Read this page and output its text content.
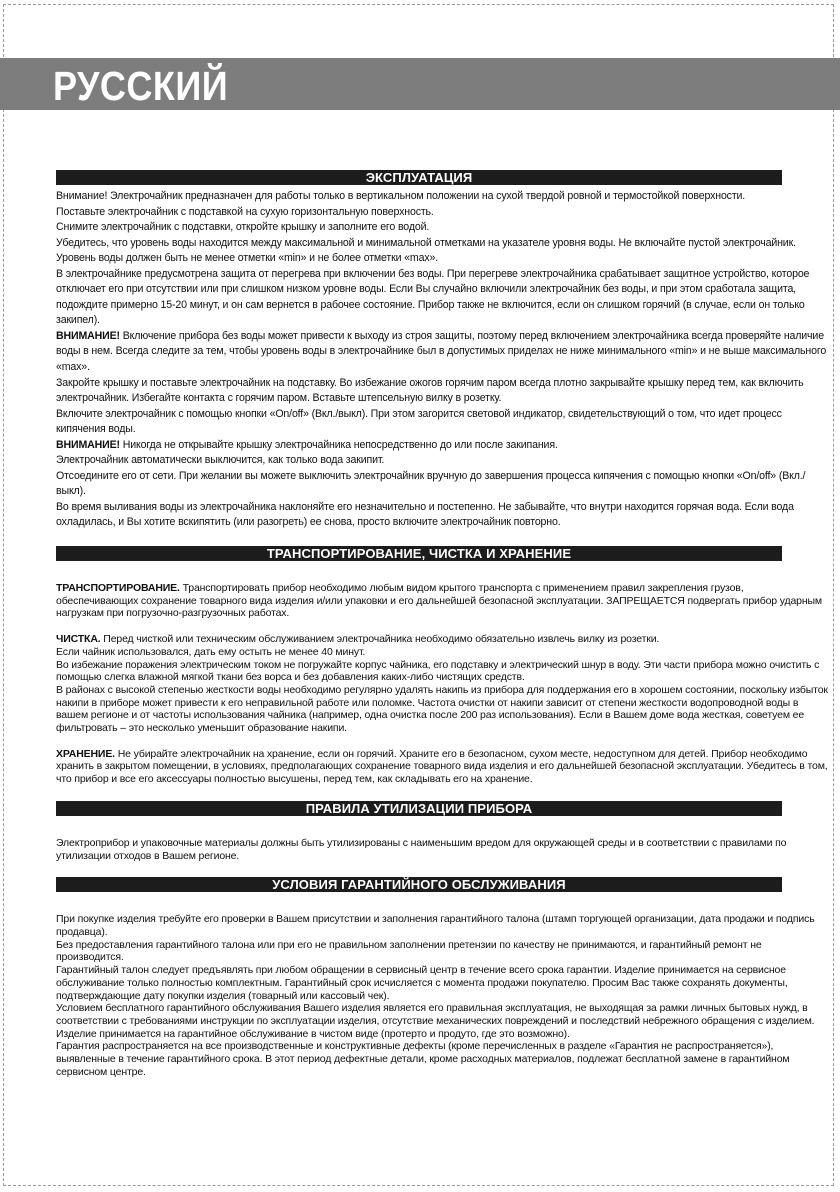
РУССКИЙ
ЭКСПЛУАТАЦИЯ

Внимание! Электрочайник предназначен для работы только в вертикальном положении на сухой твердой ровной и термостойкой поверхности.

Поставьте электрочайник с подставкой на сухую горизонтальную поверхность.

Снимите электрочайник с подставки, откройте крышку и заполните его водой.

Убедитесь, что уровень воды находится между максимальной и минимальной отметками на указателе уровня воды. Не включайте пустой электрочайник. Уровень воды должен быть не менее отметки «min» и не более отметки «max».

В электрочайнике предусмотрена защита от перегрева при включении без воды. При перегреве электрочайника срабатывает защитное устройство, которое отключает его при отсутствии или при слишком низком уровне воды. Если Вы случайно включили электрочайник без воды, и при этом сработала защита, подождите примерно 15-20 минут, и он сам вернется в рабочее состояние. Прибор также не включится, если он слишком горячий (в случае, если он только закипел).

ВНИМАНИЕ! Включение прибора без воды может привести к выходу из строя защиты, поэтому перед включением электрочайника всегда проверяйте наличие воды в нем. Всегда следите за тем, чтобы уровень воды в электрочайнике был в допустимых приделах не ниже минимального «min» и не выше максимального «max».

Закройте крышку и поставьте электрочайник на подставку. Во избежание ожогов горячим паром всегда плотно закрывайте крышку перед тем, как включить электрочайник. Избегайте контакта с горячим паром. Вставьте штепсельную вилку в розетку.

Включите электрочайник с помощью кнопки «On/off» (Вкл./выкл). При этом загорится световой индикатор, свидетельствующий о том, что идет процесс кипячения воды.

ВНИМАНИЕ! Никогда не открывайте крышку электрочайника непосредственно до или после закипания.

Электрочайник автоматически выключится, как только вода закипит.

Отсоедините его от сети. При желании вы можете выключить электрочайник вручную до завершения процесса кипячения с помощью кнопки «On/off» (Вкл./выкл).

Во время выливания воды из электрочайника наклоняйте его незначительно и постепенно. Не забывайте, что внутри находится горячая вода. Если вода охладилась, и Вы хотите вскипятить (или разогреть) ее снова, просто включите электрочайник повторно.

ТРАНСПОРТИРОВАНИЕ, ЧИСТКА И ХРАНЕНИЕ

ТРАНСПОРТИРОВАНИЕ. Транспортировать прибор необходимо любым видом крытого транспорта с применением правил закрепления грузов, обеспечивающих сохранение товарного вида изделия и/или упаковки и его дальнейшей безопасной эксплуатации. ЗАПРЕЩАЕТСЯ подвергать прибор ударным нагрузкам при погрузочно-разгрузочных работах.

ЧИСТКА. Перед чисткой или техническим обслуживанием электрочайника необходимо обязательно извлечь вилку из розетки.

Если чайник использовался, дать ему остыть не менее 40 минут.

Во избежание поражения электрическим током не погружайте корпус чайника, его подставку и электрический шнур в воду. Эти части прибора можно очистить с помощью слегка влажной мягкой ткани без ворса и без добавления каких-либо чистящих средств.

В районах с высокой степенью жесткости воды необходимо регулярно удалять накипь из прибора для поддержания его в хорошем состоянии, поскольку избыток накипи в приборе может привести к его неправильной работе или поломке. Частота очистки от накипи зависит от степени жесткости водопроводной воды в вашем регионе и от частоты использования чайника (например, одна очистка после 200 раз использования). Если в Вашем доме вода жесткая, советуем ее фильтровать – это несколько уменьшит образование накипи.

ХРАНЕНИЕ. Не убирайте электрочайник на хранение, если он горячий. Храните его в безопасном, сухом месте, недоступном для детей. Прибор необходимо хранить в закрытом помещении, в условиях, предполагающих сохранение товарного вида изделия и его дальнейшей безопасной эксплуатации. Убедитесь в том, что прибор и все его аксессуары полностью высушены, перед тем, как складывать его на хранение.

ПРАВИЛА УТИЛИЗАЦИИ ПРИБОРА

Электроприбор и упаковочные материалы должны быть утилизированы с наименьшим вредом для окружающей среды и в соответствии с правилами по утилизации отходов в Вашем регионе.

УСЛОВИЯ ГАРАНТИЙНОГО ОБСЛУЖИВАНИЯ

При покупке изделия требуйте его проверки в Вашем присутствии и заполнения гарантийного талона (штамп торгующей организации, дата продажи и подпись продавца).

Без предоставления гарантийного талона или при его не правильном заполнении претензии по качеству не принимаются, и гарантийный ремонт не производится.

Гарантийный талон следует предъявлять при любом обращении в сервисный центр в течение всего срока гарантии. Изделие принимается на сервисное обслуживание только полностью комплектным. Гарантийный срок исчисляется с момента продажи покупателю. Просим Вас также сохранять документы, подтверждающие дату покупки изделия (товарный или кассовый чек).

Условием бесплатного гарантийного обслуживания Вашего изделия является его правильная эксплуатация, не выходящая за рамки личных бытовых нужд, в соответствии с требованиями инструкции по эксплуатации изделия, отсутствие механических повреждений и последствий небрежного обращения с изделием.

Изделие принимается на гарантийное обслуживание в чистом виде (протерто и продуто, где это возможно).

Гарантия распространяется на все производственные и конструктивные дефекты (кроме перечисленных в разделе «Гарантия не распространяется»), выявленные в течение гарантийного срока. В этот период дефектные детали, кроме расходных материалов, подлежат бесплатной замене в гарантийном сервисном центре.
